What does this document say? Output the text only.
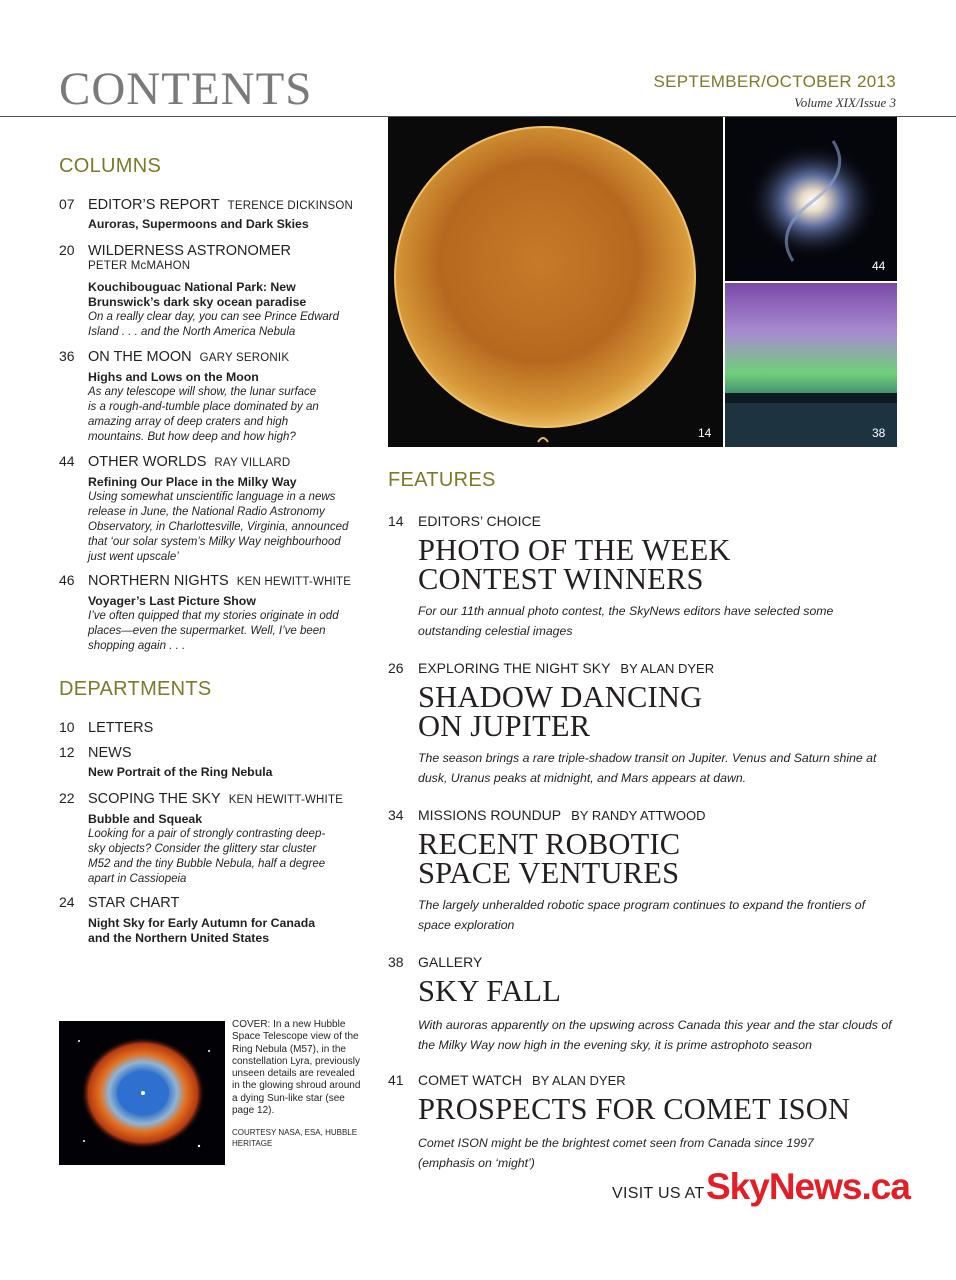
CONTENTS	SEPTEMBER/OCTOBER 2013
Volume XIX/Issue 3
COLUMNS
07 EDITOR’S REPORT TERENCE DICKINSON
Auroras, Supermoons and Dark Skies
20 WILDERNESS ASTRONOMER
PETER McMAHON
Kouchibouguac National Park: New Brunswick’s dark sky ocean paradise
On a really clear day, you can see Prince Edward Island . . . and the North America Nebula
36 ON THE MOON GARY SERONIK
Highs and Lows on the Moon
As any telescope will show, the lunar surface is a rough-and-tumble place dominated by an amazing array of deep craters and high mountains. But how deep and how high?
44 OTHER WORLDS RAY VILLARD
Refining Our Place in the Milky Way
Using somewhat unscientific language in a news release in June, the National Radio Astronomy Observatory, in Charlottesville, Virginia, announced that ‘our solar system’s Milky Way neighbourhood just went upscale’
46 NORTHERN NIGHTS KEN HEWITT-WHITE
Voyager’s Last Picture Show
I’ve often quipped that my stories originate in odd places—even the supermarket. Well, I’ve been shopping again . . .
DEPARTMENTS
10 LETTERS
12 NEWS
New Portrait of the Ring Nebula
22 SCOPING THE SKY KEN HEWITT-WHITE
Bubble and Squeak
Looking for a pair of strongly contrasting deep-sky objects? Consider the glittery star cluster M52 and the tiny Bubble Nebula, half a degree apart in Cassiopeia
24 STAR CHART
Night Sky for Early Autumn for Canada and the Northern United States
COVER: In a new Hubble Space Telescope view of the Ring Nebula (M57), in the constellation Lyra, previously unseen details are revealed in the glowing shroud around a dying Sun-like star (see page 12).
COURTESY NASA, ESA, HUBBLE HERITAGE
14
44
38
FEATURES
14	EDITORS’ CHOICE
PHOTO OF THE WEEK
CONTEST WINNERS
For our 11th annual photo contest, the SkyNews editors have selected some outstanding celestial images
26	EXPLORING THE NIGHT SKY BY ALAN DYER
SHADOW DANCING
ON JUPITER
The season brings a rare triple-shadow transit on Jupiter. Venus and Saturn shine at dusk, Uranus peaks at midnight, and Mars appears at dawn.
34	MISSIONS ROUNDUP BY RANDY ATTWOOD
RECENT ROBOTIC
SPACE VENTURES
The largely unheralded robotic space program continues to expand the frontiers of space exploration
38	GALLERY
SKY FALL
With auroras apparently on the upswing across Canada this year and the star clouds of the Milky Way now high in the evening sky, it is prime astrophoto season
41	COMET WATCH BY ALAN DYER
PROSPECTS FOR COMET ISON
Comet ISON might be the brightest comet seen from Canada since 1997 (emphasis on ‘might’)
VISIT US AT SkyNews.ca
